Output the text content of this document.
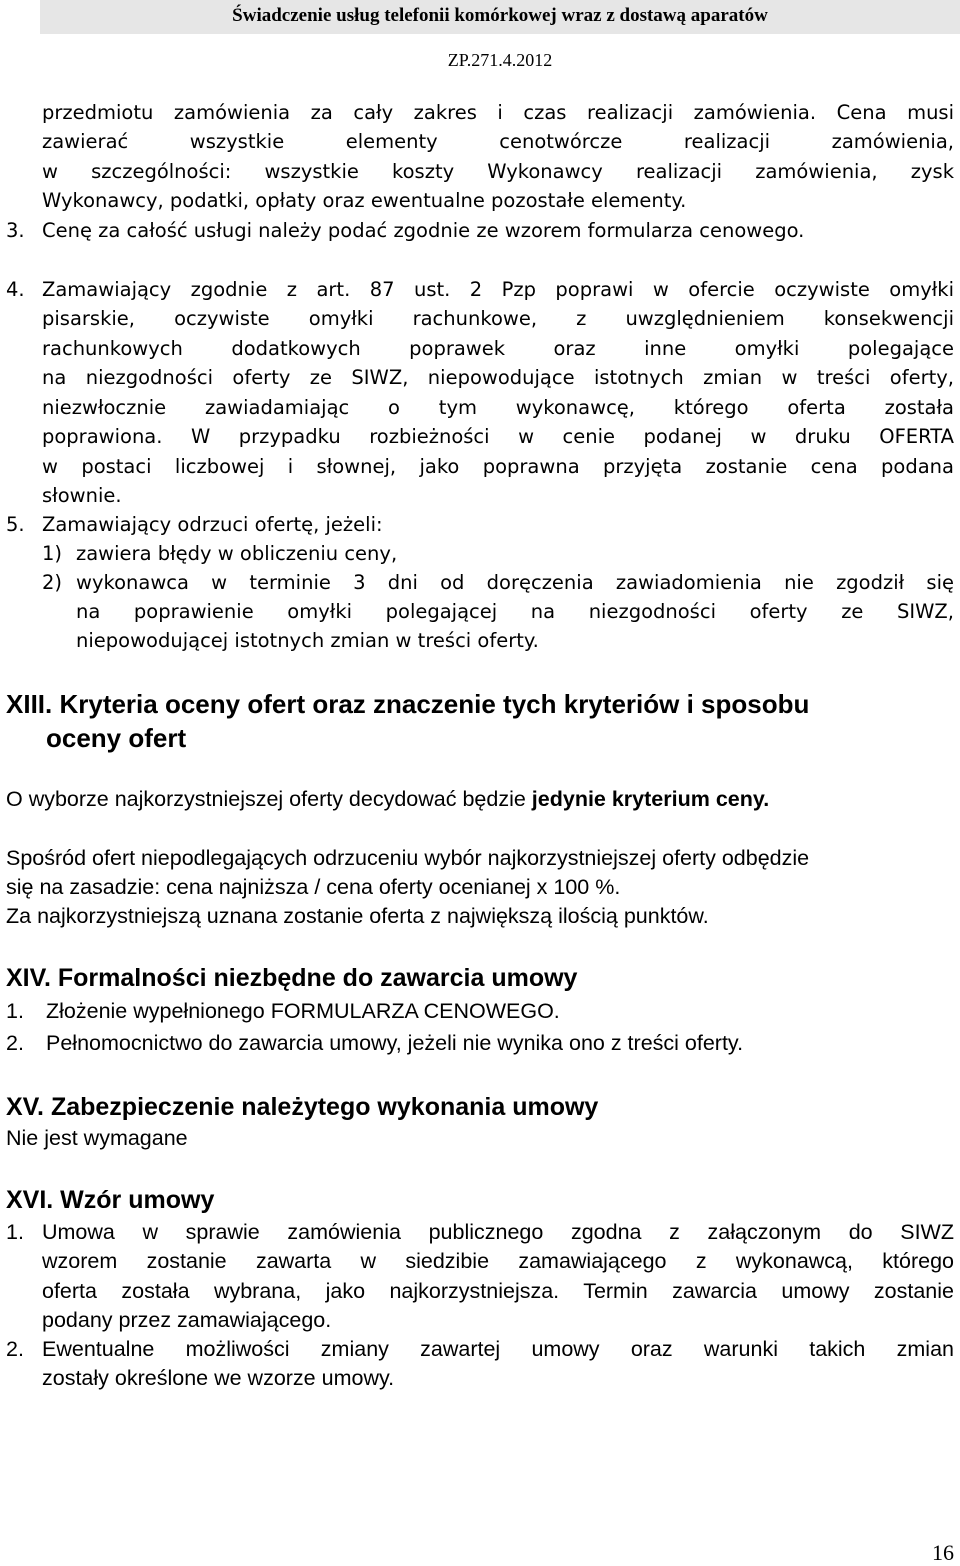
Świadczenie usług telefonii komórkowej wraz z dostawą aparatów
ZP.271.4.2012
przedmiotu zamówienia za cały zakres i czas realizacji zamówienia. Cena musi
zawierać wszystkie elementy cenotwórcze realizacji zamówienia,
w szczególności: wszystkie koszty Wykonawcy realizacji zamówienia, zysk
Wykonawcy, podatki, opłaty oraz ewentualne pozostałe elementy.
3. Cenę za całość usługi należy podać zgodnie ze wzorem formularza cenowego.
4. Zamawiający zgodnie z art. 87 ust. 2 Pzp poprawi w ofercie oczywiste omyłki
pisarskie, oczywiste omyłki rachunkowe, z uwzględnieniem konsekwencji
rachunkowych dodatkowych poprawek oraz inne omyłki polegające
na niezgodności oferty ze SIWZ, niepowodujące istotnych zmian w treści oferty,
niezwłocznie zawiadamiając o tym wykonawcę, którego oferta została
poprawiona. W przypadku rozbieżności w cenie podanej w druku OFERTA
w postaci liczbowej i słownej, jako poprawna przyjęta zostanie cena podana
słownie.
5. Zamawiający odrzuci ofertę, jeżeli:
1) zawiera błędy w obliczeniu ceny,
2) wykonawca w terminie 3 dni od doręczenia zawiadomienia nie zgodził się
na poprawienie omyłki polegającej na niezgodności oferty ze SIWZ,
niepowodującej istotnych zmian w treści oferty.
XIII. Kryteria oceny ofert oraz znaczenie tych kryteriów i sposobu
oceny ofert
O wyborze najkorzystniejszej oferty decydować będzie jedynie kryterium ceny.
Spośród ofert niepodlegających odrzuceniu wybór najkorzystniejszej oferty odbędzie
się na zasadzie: cena najniższa / cena oferty ocenianej x 100 %.
Za najkorzystniejszą uznana zostanie oferta z największą ilością punktów.
XIV. Formalności niezbędne do zawarcia umowy
1. Złożenie wypełnionego FORMULARZA CENOWEGO.
2. Pełnomocnictwo do zawarcia umowy, jeżeli nie wynika ono z treści oferty.
XV. Zabezpieczenie należytego wykonania umowy
Nie jest wymagane
XVI. Wzór umowy
1. Umowa w sprawie zamówienia publicznego zgodna z załączonym do SIWZ
wzorem zostanie zawarta w siedzibie zamawiającego z wykonawcą, którego
oferta została wybrana, jako najkorzystniejsza. Termin zawarcia umowy zostanie
podany przez zamawiającego.
2. Ewentualne możliwości zmiany zawartej umowy oraz warunki takich zmian
zostały określone we wzorze umowy.
16
